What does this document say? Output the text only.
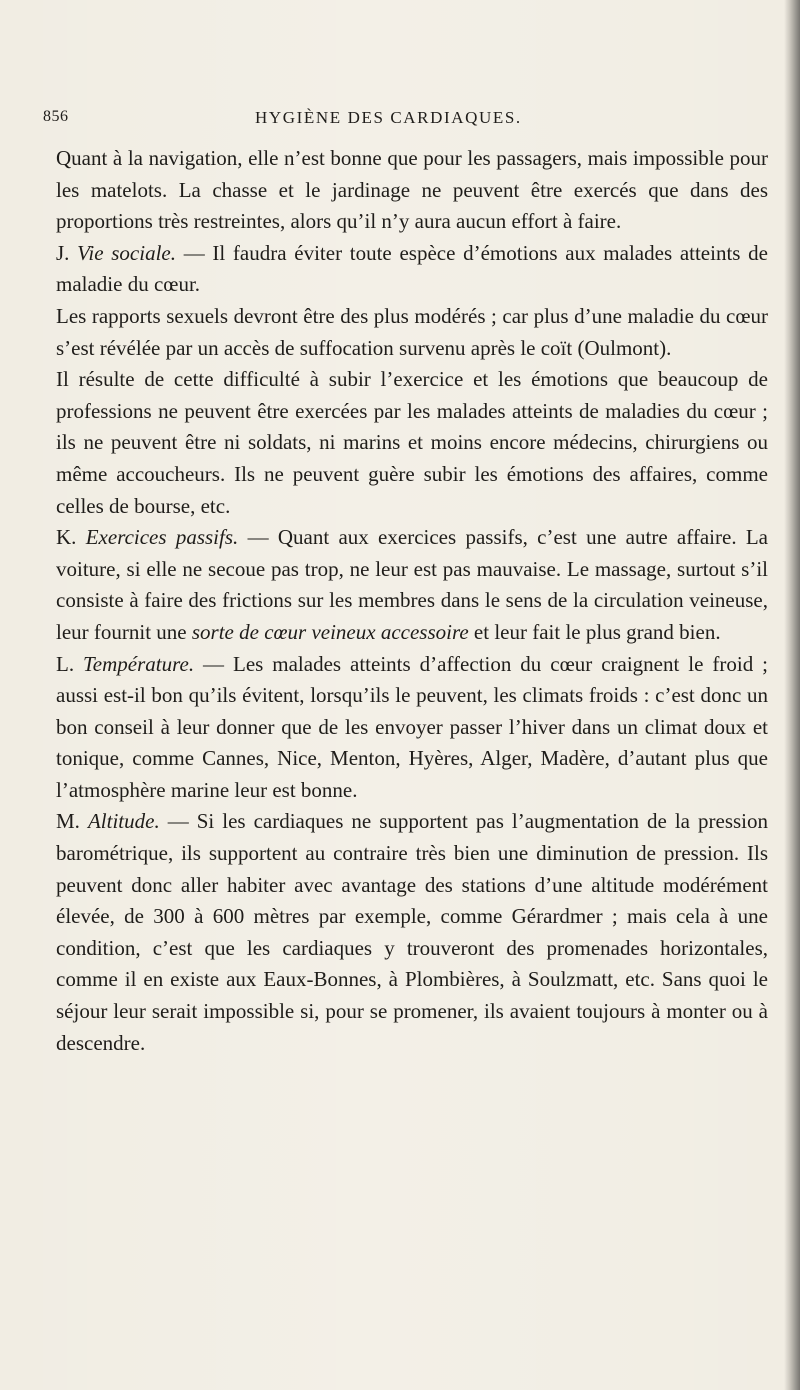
856	HYGIÈNE DES CARDIAQUES.

Quant à la navigation, elle n’est bonne que pour les passagers, mais impossible pour les matelots. La chasse et le jardinage ne peuvent être exercés que dans des proportions très restreintes, alors qu’il n’y aura aucun effort à faire.

J. Vie sociale. — Il faudra éviter toute espèce d’émotions aux malades atteints de maladie du cœur.

Les rapports sexuels devront être des plus modérés ; car plus d’une maladie du cœur s’est révélée par un accès de suffocation survenu après le coït (Oulmont).

Il résulte de cette difficulté à subir l’exercice et les émotions que beaucoup de professions ne peuvent être exercées par les malades atteints de maladies du cœur ; ils ne peuvent être ni soldats, ni marins et moins encore médecins, chirurgiens ou même accoucheurs. Ils ne peuvent guère subir les émotions des affaires, comme celles de bourse, etc.

K. Exercices passifs. — Quant aux exercices passifs, c’est une autre affaire. La voiture, si elle ne secoue pas trop, ne leur est pas mauvaise. Le massage, surtout s’il consiste à faire des frictions sur les membres dans le sens de la circulation veineuse, leur fournit une sorte de cœur veineux accessoire et leur fait le plus grand bien.

L. Température. — Les malades atteints d’affection du cœur craignent le froid ; aussi est-il bon qu’ils évitent, lorsqu’ils le peuvent, les climats froids : c’est donc un bon conseil à leur donner que de les envoyer passer l’hiver dans un climat doux et tonique, comme Cannes, Nice, Menton, Hyères, Alger, Madère, d’autant plus que l’atmosphère marine leur est bonne.

M. Altitude. — Si les cardiaques ne supportent pas l’augmentation de la pression barométrique, ils supportent au contraire très bien une diminution de pression. Ils peuvent donc aller habiter avec avantage des stations d’une altitude modérément élevée, de 300 à 600 mètres par exemple, comme Gérardmer ; mais cela à une condition, c’est que les cardiaques y trouveront des promenades horizontales, comme il en existe aux Eaux-Bonnes, à Plombières, à Soulzmatt, etc. Sans quoi le séjour leur serait impossible si, pour se promener, ils avaient toujours à monter ou à descendre.
